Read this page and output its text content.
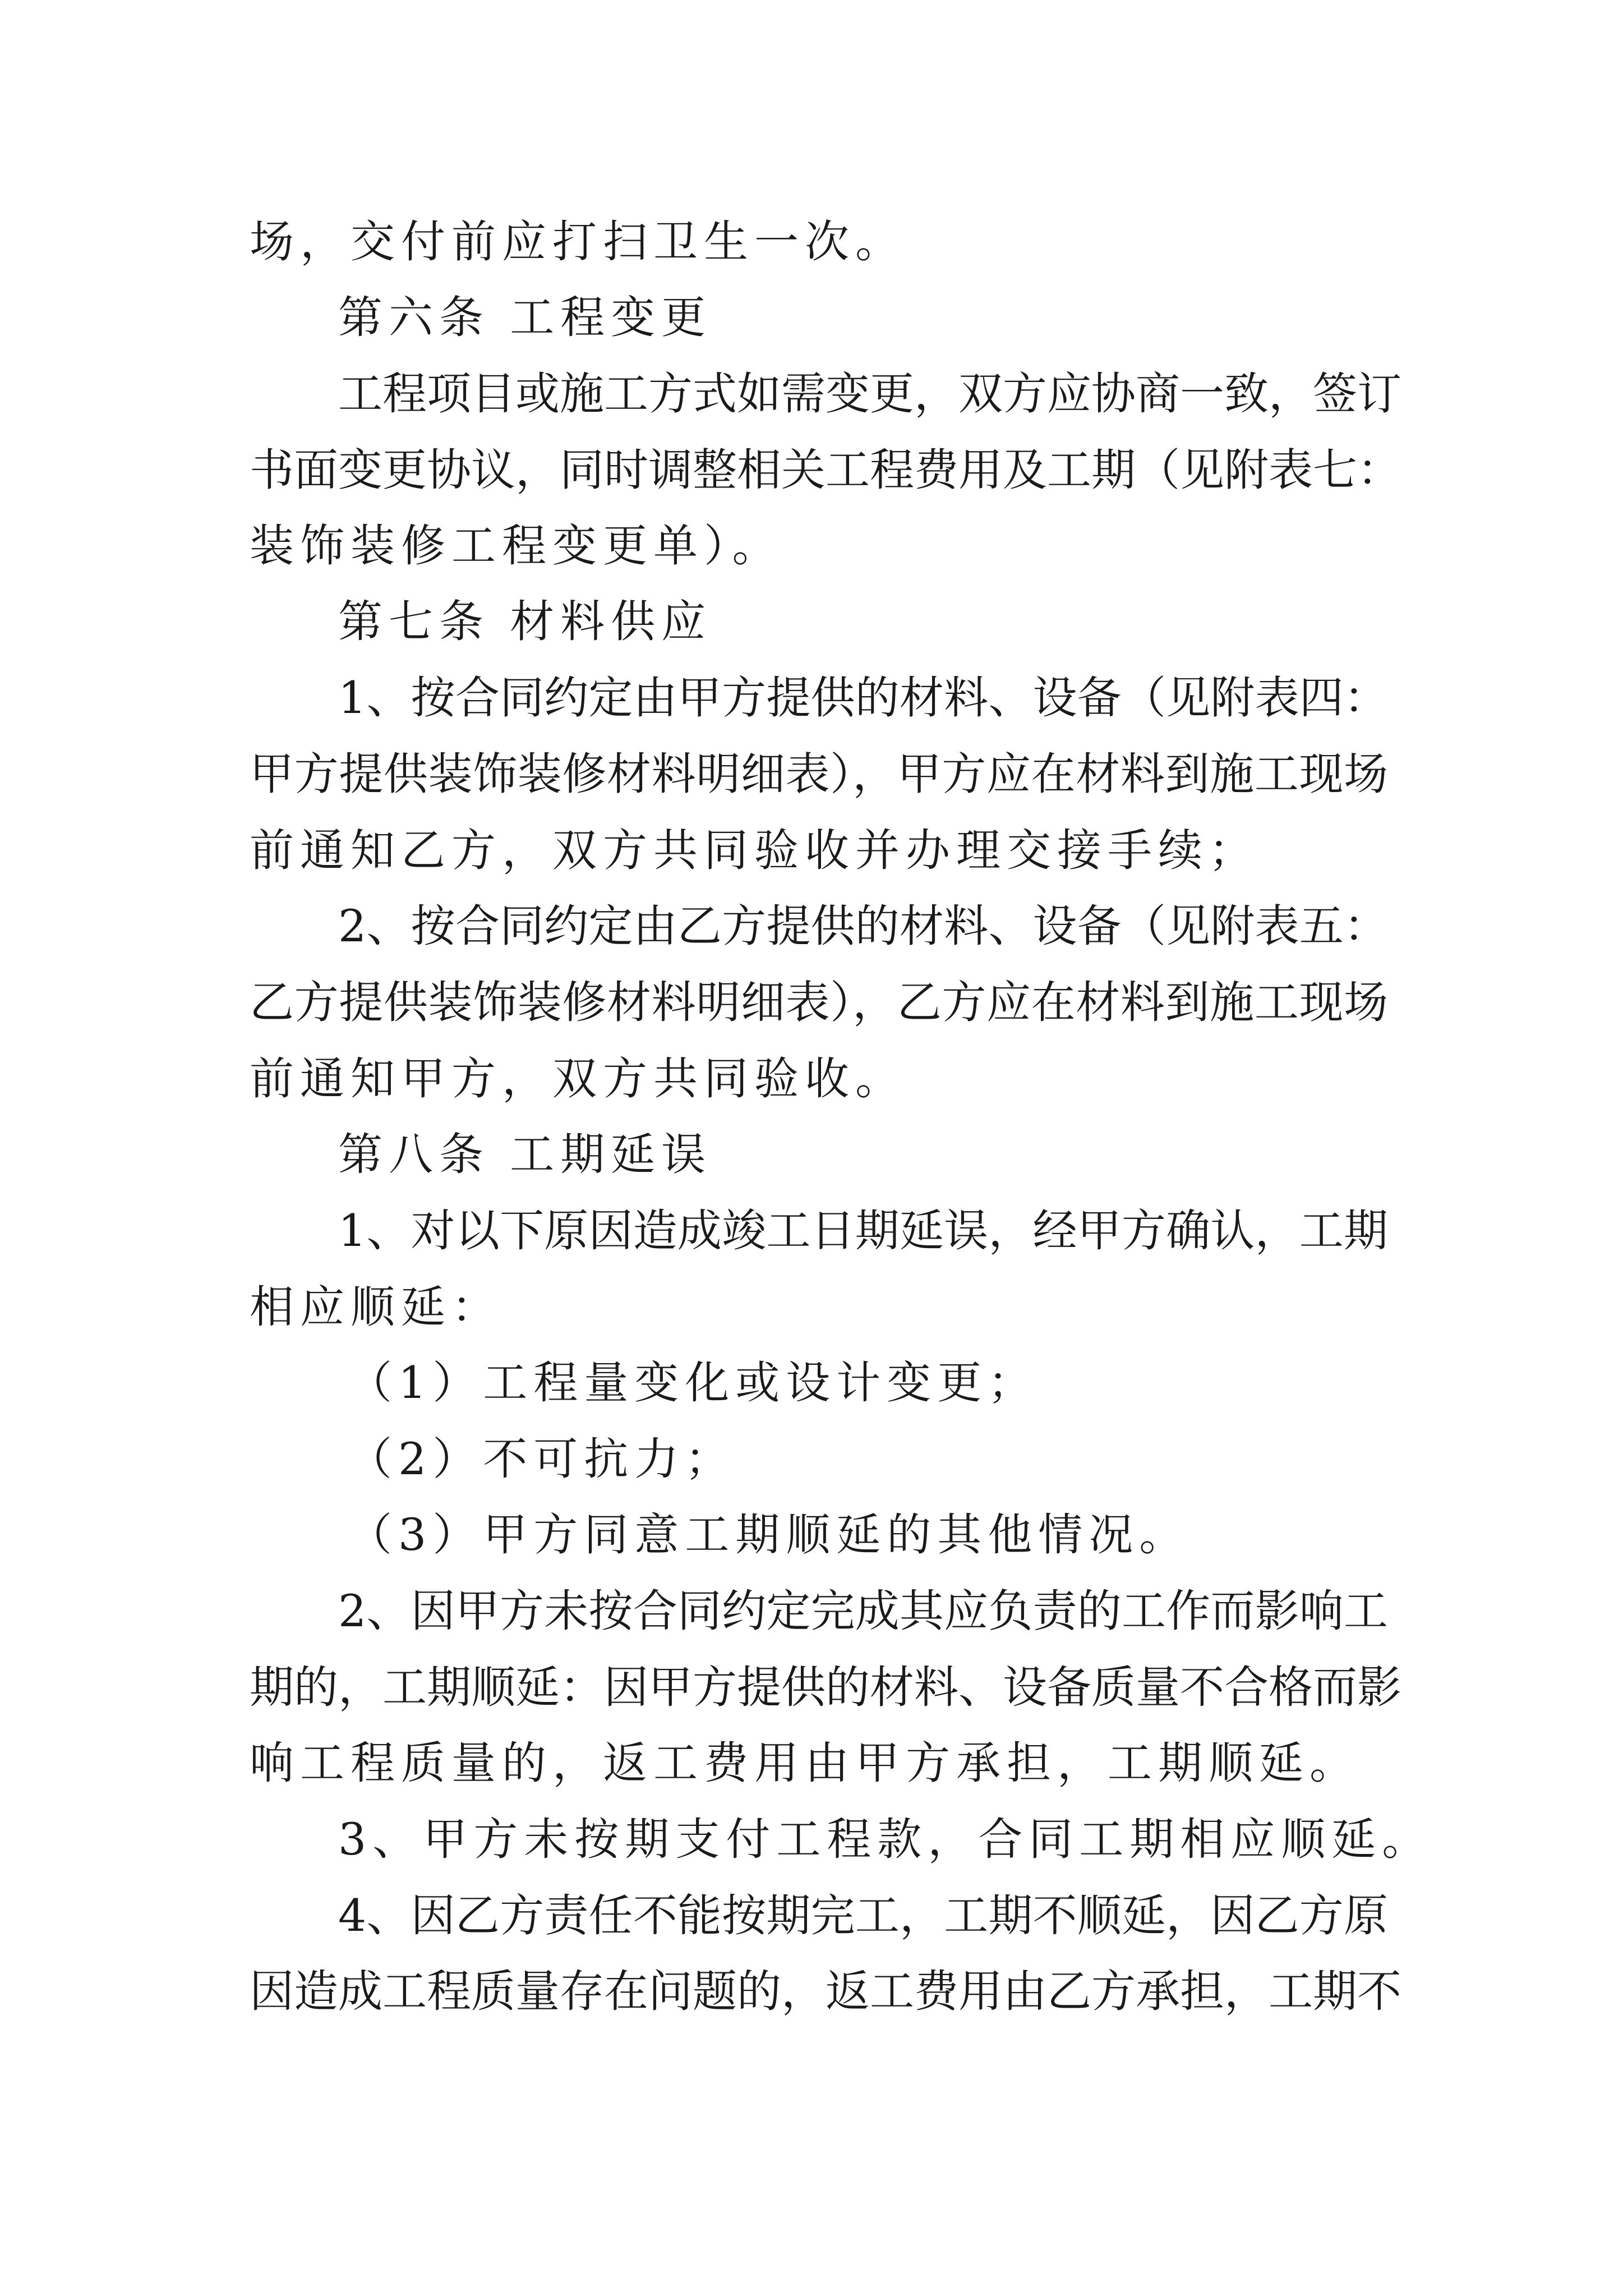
场，交付前应打扫卫生一次。
第六条 工程变更
工程项目或施工方式如需变更，双方应协商一致，签订
书面变更协议，同时调整相关工程费用及工期（见附表七：
装饰装修工程变更单）。
第七条 材料供应
1、按合同约定由甲方提供的材料、设备（见附表四：
甲方提供装饰装修材料明细表），甲方应在材料到施工现场
前通知乙方，双方共同验收并办理交接手续；
2、按合同约定由乙方提供的材料、设备（见附表五：
乙方提供装饰装修材料明细表），乙方应在材料到施工现场
前通知甲方，双方共同验收。
第八条 工期延误
1、对以下原因造成竣工日期延误，经甲方确认，工期
相应顺延：
（1）工程量变化或设计变更；
（2）不可抗力；
（3）甲方同意工期顺延的其他情况。
2、因甲方未按合同约定完成其应负责的工作而影响工
期的，工期顺延：因甲方提供的材料、设备质量不合格而影
响工程质量的，返工费用由甲方承担，工期顺延。
3、甲方未按期支付工程款，合同工期相应顺延。
4、因乙方责任不能按期完工，工期不顺延，因乙方原
因造成工程质量存在问题的，返工费用由乙方承担，工期不
